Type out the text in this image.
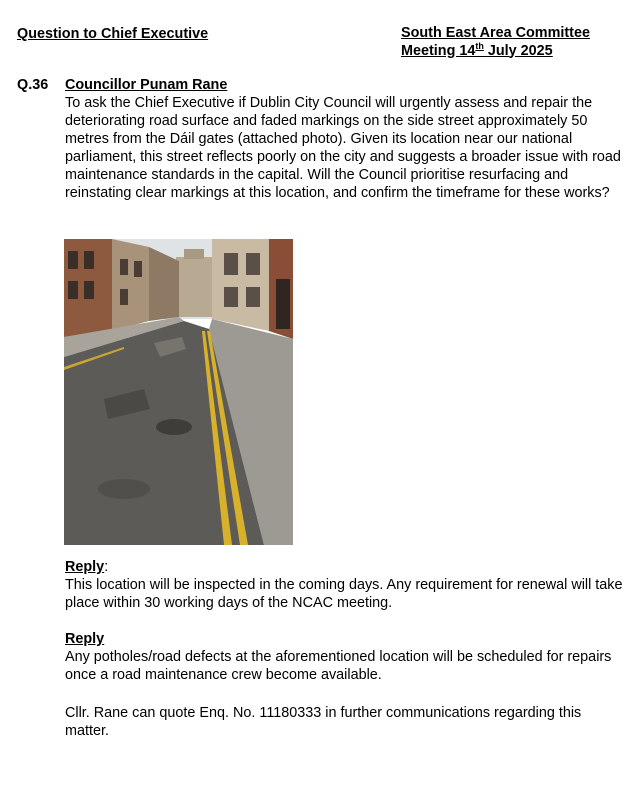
Question to Chief Executive	South East Area Committee
Meeting 14th July 2025
Q.36 Councillor Punam Rane
To ask the Chief Executive if Dublin City Council will urgently assess and repair the deteriorating road surface and faded markings on the side street approximately 50 metres from the Dáil gates (attached photo). Given its location near our national parliament, this street reflects poorly on the city and suggests a broader issue with road maintenance standards in the capital. Will the Council prioritise resurfacing and reinstating clear markings at this location, and confirm the timeframe for these works?
Reply:
This location will be inspected in the coming days. Any requirement for renewal will take place within 30 working days of the NCAC meeting.
Reply
Any potholes/road defects at the aforementioned location will be scheduled for repairs once a road maintenance crew become available.
Cllr. Rane can quote Enq. No. 11180333 in further communications regarding this matter.
